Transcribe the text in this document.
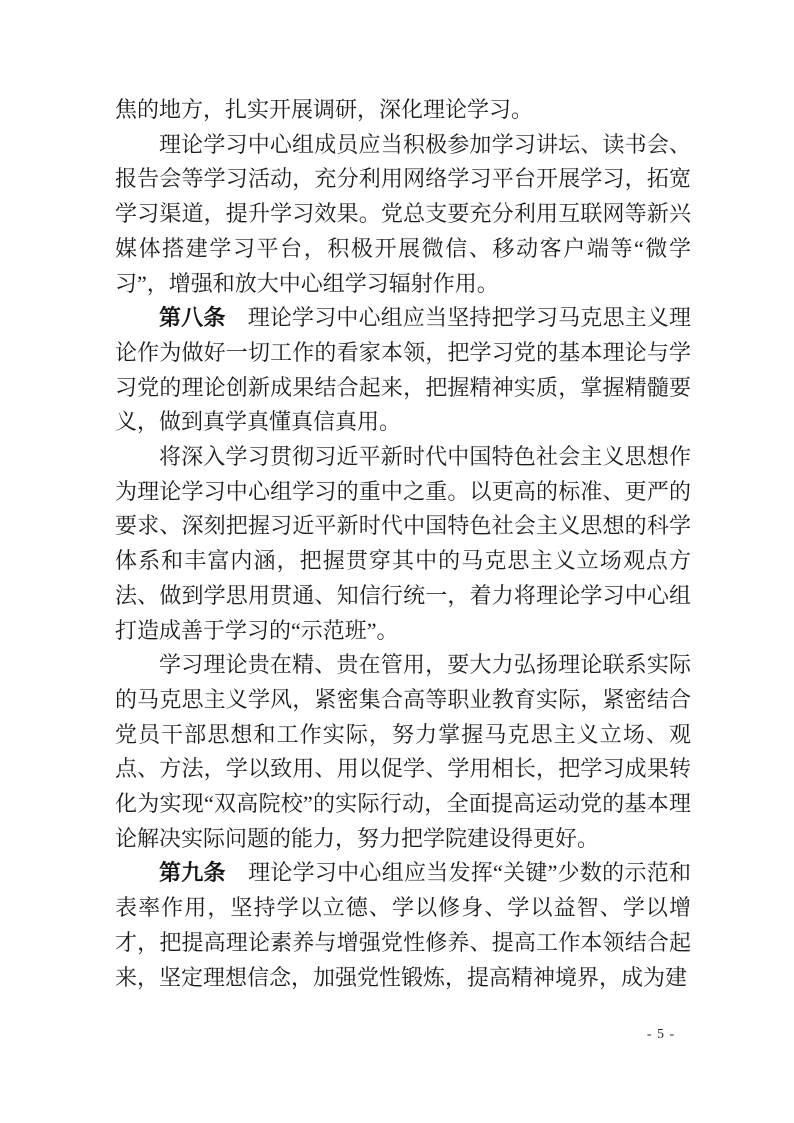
焦的地方，扎实开展调研，深化理论学习。

理论学习中心组成员应当积极参加学习讲坛、读书会、报告会等学习活动，充分利用网络学习平台开展学习，拓宽学习渠道，提升学习效果。党总支要充分利用互联网等新兴媒体搭建学习平台，积极开展微信、移动客户端等“微学习”，增强和放大中心组学习辐射作用。

第八条　理论学习中心组应当坚持把学习马克思主义理论作为做好一切工作的看家本领，把学习党的基本理论与学习党的理论创新成果结合起来，把握精神实质，掌握精髓要义，做到真学真懂真信真用。

将深入学习贯彻习近平新时代中国特色社会主义思想作为理论学习中心组学习的重中之重。以更高的标准、更严的要求、深刻把握习近平新时代中国特色社会主义思想的科学体系和丰富内涵，把握贯穿其中的马克思主义立场观点方法、做到学思用贯通、知信行统一，着力将理论学习中心组打造成善于学习的“示范班”。

学习理论贵在精、贵在管用，要大力弘扬理论联系实际的马克思主义学风，紧密集合高等职业教育实际，紧密结合党员干部思想和工作实际，努力掌握马克思主义立场、观点、方法，学以致用、用以促学、学用相长，把学习成果转化为实现“双高院校”的实际行动，全面提高运动党的基本理论解决实际问题的能力，努力把学院建设得更好。

第九条　理论学习中心组应当发挥“关键”少数的示范和表率作用，坚持学以立德、学以修身、学以益智、学以增才，把提高理论素养与增强党性修养、提高工作本领结合起来，坚定理想信念，加强党性锻炼，提高精神境界，成为建

- 5 -
